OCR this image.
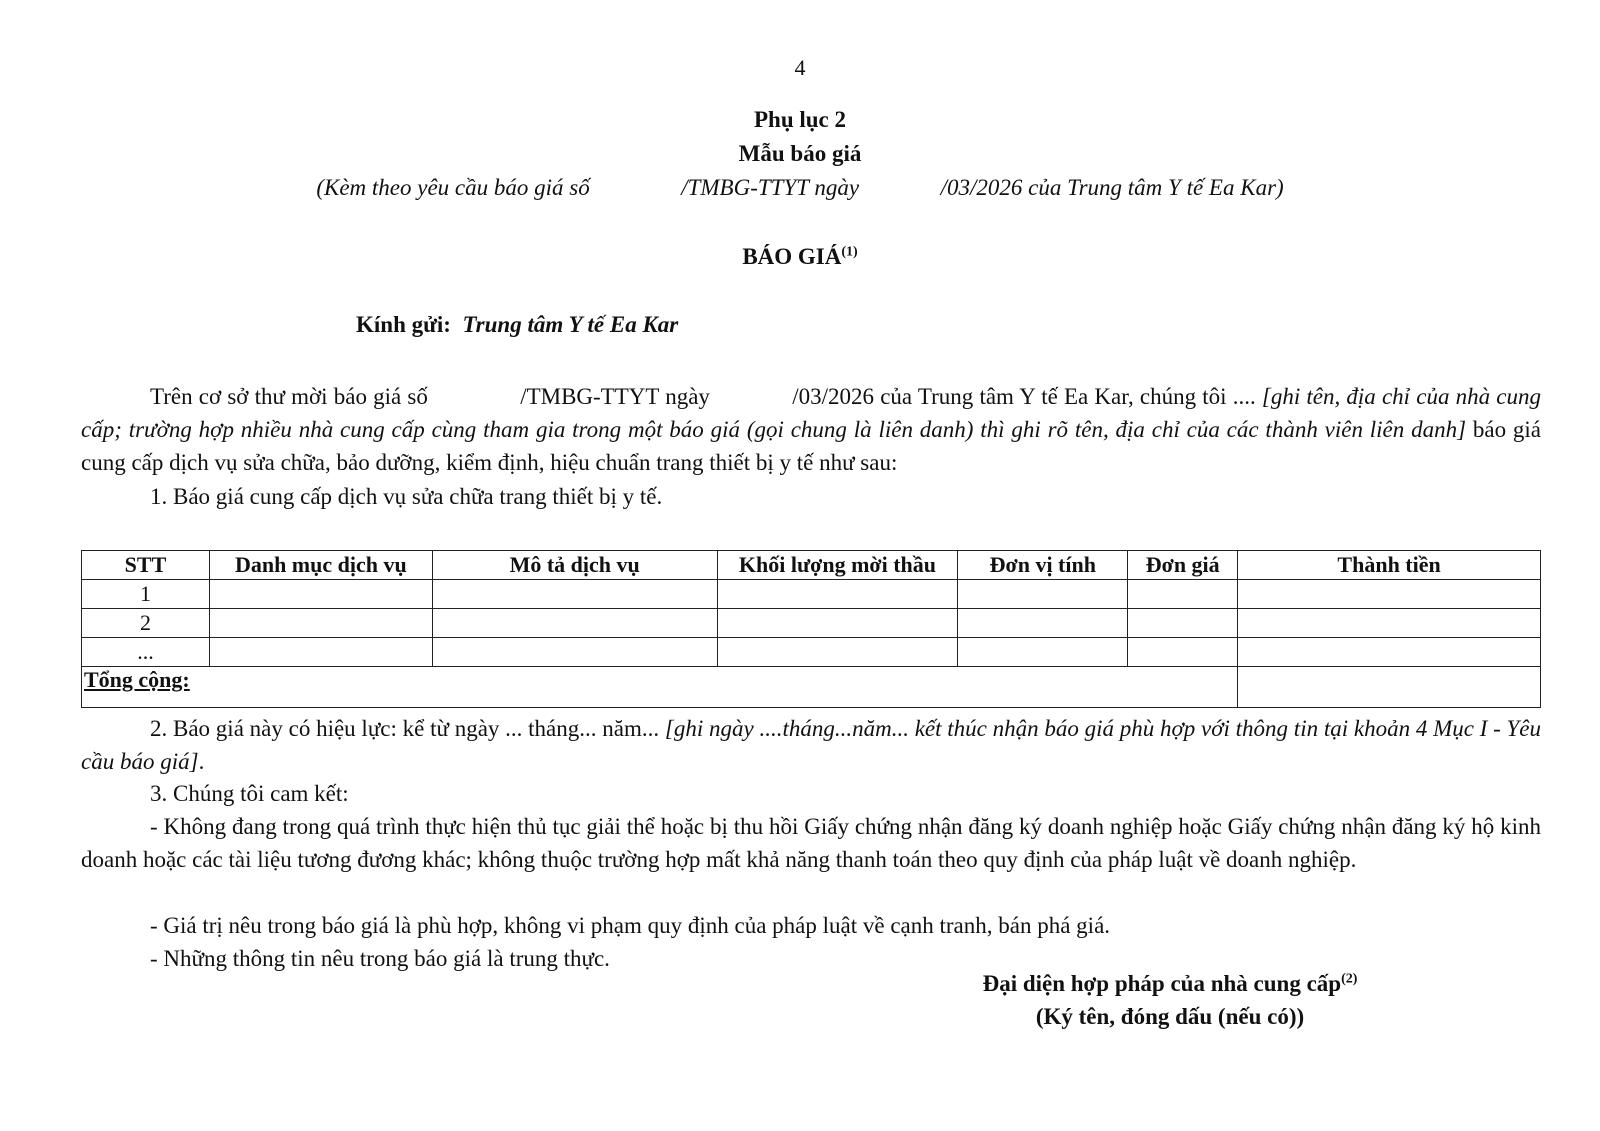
4
Phụ lục 2
Mẫu báo giá
(Kèm theo yêu cầu báo giá số	/TMBG-TTYT ngày	/03/2026 của Trung tâm Y tế Ea Kar)
BÁO GIÁ$^{(1)}$
Kính gửi: Trung tâm Y tế Ea Kar
Trên cơ sở thư mời báo giá số	/TMBG-TTYT ngày	/03/2026 của Trung tâm Y tế Ea Kar, chúng tôi .... [ghi tên, địa chỉ của nhà cung cấp; trường hợp nhiều nhà cung cấp cùng tham gia trong một báo giá (gọi chung là liên danh) thì ghi rõ tên, địa chỉ của các thành viên liên danh] báo giá cung cấp dịch vụ sửa chữa, bảo dưỡng, kiểm định, hiệu chuẩn trang thiết bị y tế như sau:
1. Báo giá cung cấp dịch vụ sửa chữa trang thiết bị y tế.
STT	Danh mục dịch vụ	Mô tả dịch vụ	Khối lượng mời thầu	Đơn vị tính	Đơn giá	Thành tiền
1						
2						
...						
Tổng cộng:						
2. Báo giá này có hiệu lực: kể từ ngày ... tháng... năm... [ghi ngày ....tháng...năm... kết thúc nhận báo giá phù hợp với thông tin tại khoản 4 Mục I - Yêu cầu báo giá].
3. Chúng tôi cam kết:
- Không đang trong quá trình thực hiện thủ tục giải thể hoặc bị thu hồi Giấy chứng nhận đăng ký doanh nghiệp hoặc Giấy chứng nhận đăng ký hộ kinh doanh hoặc các tài liệu tương đương khác; không thuộc trường hợp mất khả năng thanh toán theo quy định của pháp luật về doanh nghiệp.
- Giá trị nêu trong báo giá là phù hợp, không vi phạm quy định của pháp luật về cạnh tranh, bán phá giá.
- Những thông tin nêu trong báo giá là trung thực.
Đại diện hợp pháp của nhà cung cấp$^{(2)}$
(Ký tên, đóng dấu (nếu có))
